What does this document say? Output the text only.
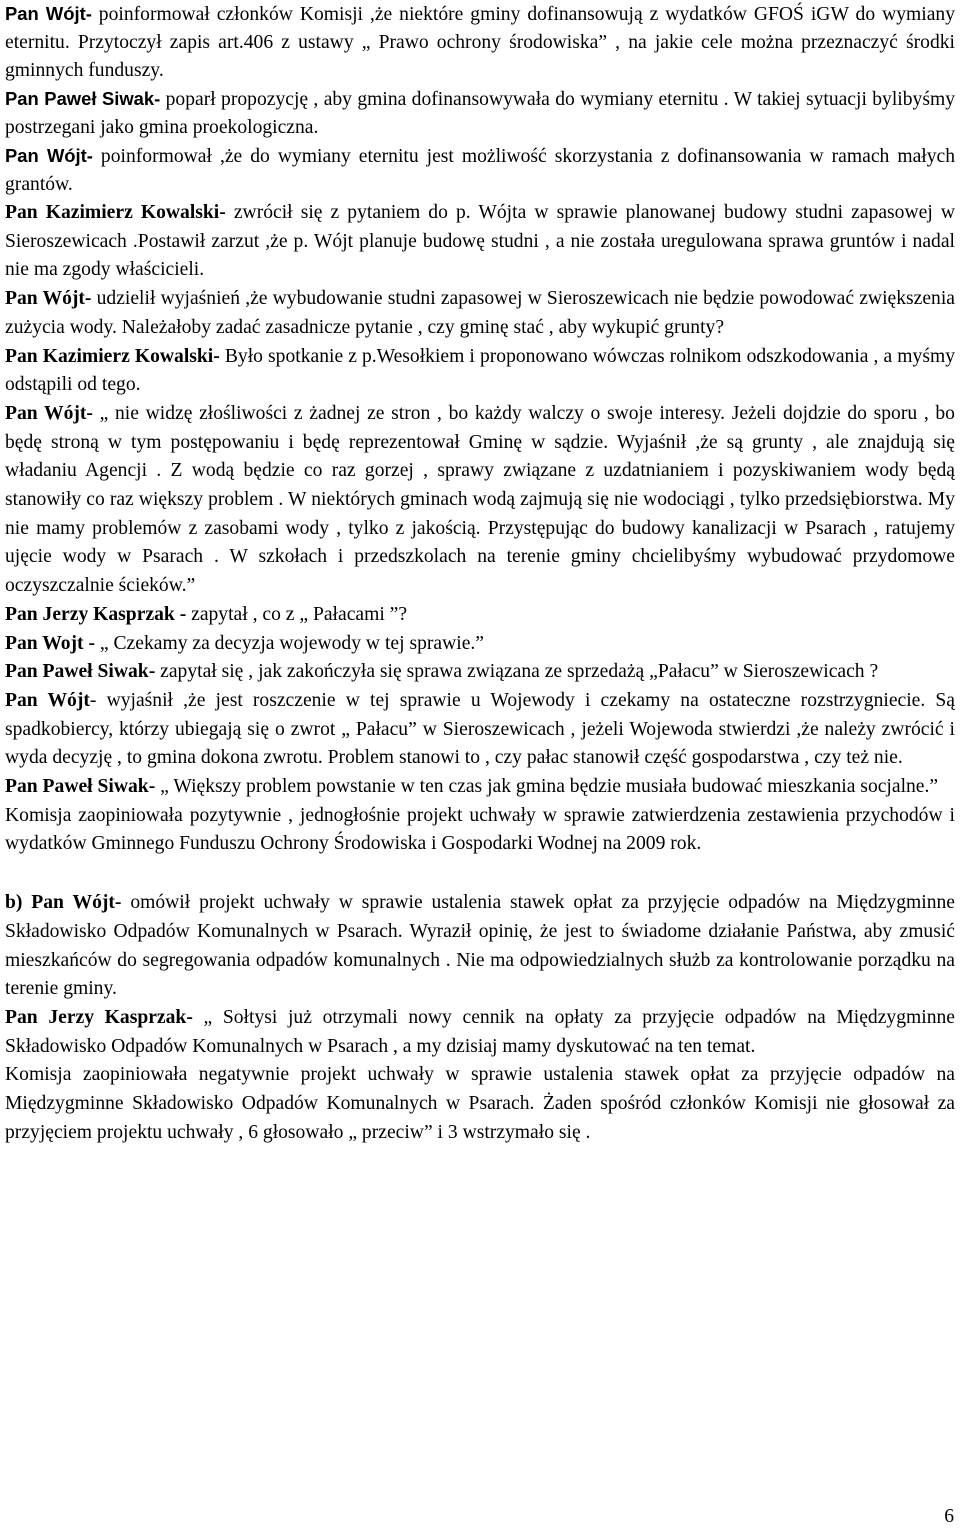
Pan Wójt- poinformował członków Komisji ,że niektóre gminy dofinansowują z wydatków GFOŚ iGW do wymiany eternitu. Przytoczył zapis art.406 z ustawy „ Prawo ochrony środowiska” , na jakie cele można przeznaczyć środki gminnych funduszy.

Pan Paweł Siwak- poparł propozycję , aby gmina dofinansowywała do wymiany eternitu . W takiej sytuacji bylibyśmy postrzegani jako gmina proekologiczna.

Pan Wójt- poinformował ,że do wymiany eternitu jest możliwość skorzystania z dofinansowania w ramach małych grantów.

Pan Kazimierz Kowalski- zwrócił się z pytaniem do p. Wójta w sprawie planowanej budowy studni zapasowej w Sieroszewicach .Postawił zarzut ,że p. Wójt planuje budowę studni , a nie została uregulowana sprawa gruntów i nadal nie ma zgody właścicieli.

Pan Wójt- udzielił wyjaśnień ,że wybudowanie studni zapasowej w Sieroszewicach nie będzie powodować zwiększenia zużycia wody. Należałoby zadać zasadnicze pytanie , czy gminę stać , aby wykupić grunty?

Pan Kazimierz Kowalski- Było spotkanie z p.Wesołkiem i proponowano wówczas rolnikom odszkodowania , a myśmy odstąpili od tego.

Pan Wójt- „ nie widzę złośliwości z żadnej ze stron , bo każdy walczy o swoje interesy. Jeżeli dojdzie do sporu , bo będę stroną w tym postępowaniu i będę reprezentował Gminę w sądzie. Wyjaśnił ,że są grunty , ale znajdują się władaniu Agencji . Z wodą będzie co raz gorzej , sprawy związane z uzdatnianiem i pozyskiwaniem wody będą stanowiły co raz większy problem . W niektórych gminach wodą zajmują się nie wodociągi , tylko przedsiębiorstwa. My nie mamy problemów z zasobami wody , tylko z jakością. Przystępując do budowy kanalizacji w Psarach , ratujemy ujęcie wody w Psarach . W szkołach i przedszkolach na terenie gminy chcielibyśmy wybudować przydomowe oczyszczalnie ścieków.”

Pan Jerzy Kasprzak - zapytał , co z „ Pałacami ”?

Pan Wojt - „ Czekamy za decyzja wojewody w tej sprawie.”

Pan Paweł Siwak- zapytał się , jak zakończyła się sprawa związana ze sprzedażą „Pałacu” w Sieroszewicach ?

Pan Wójt- wyjaśnił ,że jest roszczenie w tej sprawie u Wojewody i czekamy na ostateczne rozstrzygniecie. Są spadkobiercy, którzy ubiegają się o zwrot „ Pałacu” w Sieroszewicach , jeżeli Wojewoda stwierdzi ,że należy zwrócić i wyda decyzję , to gmina dokona zwrotu. Problem stanowi to , czy pałac stanowił część gospodarstwa , czy też nie.

Pan Paweł Siwak- „ Większy problem powstanie w ten czas jak gmina będzie musiała budować mieszkania socjalne.”

Komisja zaopiniowała pozytywnie , jednogłośnie projekt uchwały w sprawie zatwierdzenia zestawienia przychodów i wydatków Gminnego Funduszu Ochrony Środowiska i Gospodarki Wodnej na 2009 rok.

b) Pan Wójt- omówił projekt uchwały w sprawie ustalenia stawek opłat za przyjęcie odpadów na Międzygminne Składowisko Odpadów Komunalnych w Psarach. Wyraził opinię, że jest to świadome działanie Państwa, aby zmusić mieszkańców do segregowania odpadów komunalnych . Nie ma odpowiedzialnych służb za kontrolowanie porządku na terenie gminy.

Pan Jerzy Kasprzak- „ Sołtysi już otrzymali nowy cennik na opłaty za przyjęcie odpadów na Międzygminne Składowisko Odpadów Komunalnych w Psarach , a my dzisiaj mamy dyskutować na ten temat.

Komisja zaopiniowała negatywnie projekt uchwały w sprawie ustalenia stawek opłat za przyjęcie odpadów na Międzygminne Składowisko Odpadów Komunalnych w Psarach. Żaden spośród członków Komisji nie głosował za przyjęciem projektu uchwały , 6 głosowało „ przeciw” i 3 wstrzymało się .

6
